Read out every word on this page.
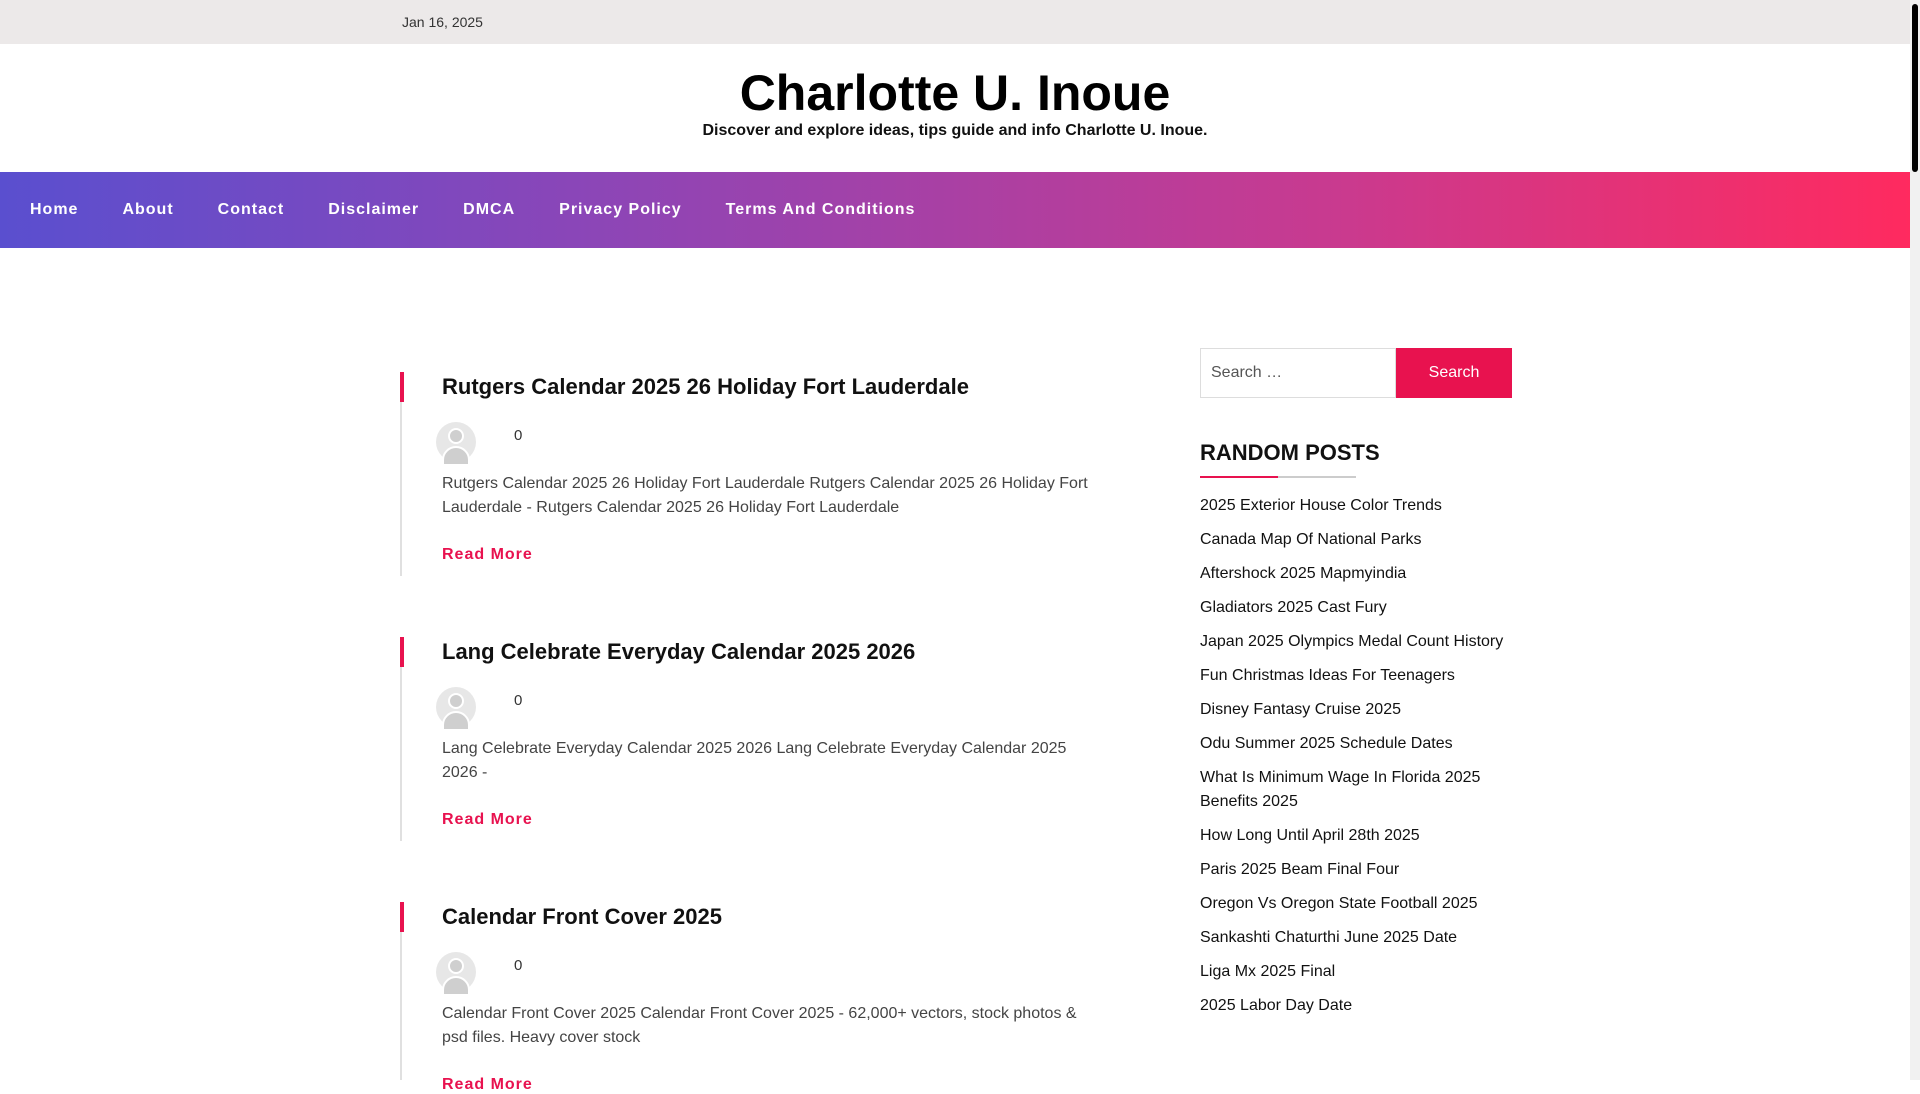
Jan 16, 2025
Charlotte U. Inoue
Discover and explore ideas, tips guide and info Charlotte U. Inoue.
Home	About	Contact	Disclaimer	DMCA	Privacy Policy	Terms And Conditions
Rutgers Calendar 2025 26 Holiday Fort Lauderdale
0

Rutgers Calendar 2025 26 Holiday Fort Lauderdale Rutgers Calendar 2025 26 Holiday Fort Lauderdale - Rutgers Calendar 2025 26 Holiday Fort Lauderdale

Read More
Lang Celebrate Everyday Calendar 2025 2026
0

Lang Celebrate Everyday Calendar 2025 2026 Lang Celebrate Everyday Calendar 2025 2026 -

Read More
Calendar Front Cover 2025
0

Calendar Front Cover 2025 Calendar Front Cover 2025 - 62,000+ vectors, stock photos & psd files. Heavy cover stock

Read More
Search …
Search
RANDOM POSTS
2025 Exterior House Color Trends
Canada Map Of National Parks
Aftershock 2025 Mapmyindia
Gladiators 2025 Cast Fury
Japan 2025 Olympics Medal Count History
Fun Christmas Ideas For Teenagers
Disney Fantasy Cruise 2025
Odu Summer 2025 Schedule Dates
What Is Minimum Wage In Florida 2025 Benefits 2025
How Long Until April 28th 2025
Paris 2025 Beam Final Four
Oregon Vs Oregon State Football 2025
Sankashti Chaturthi June 2025 Date
Liga Mx 2025 Final
2025 Labor Day Date
